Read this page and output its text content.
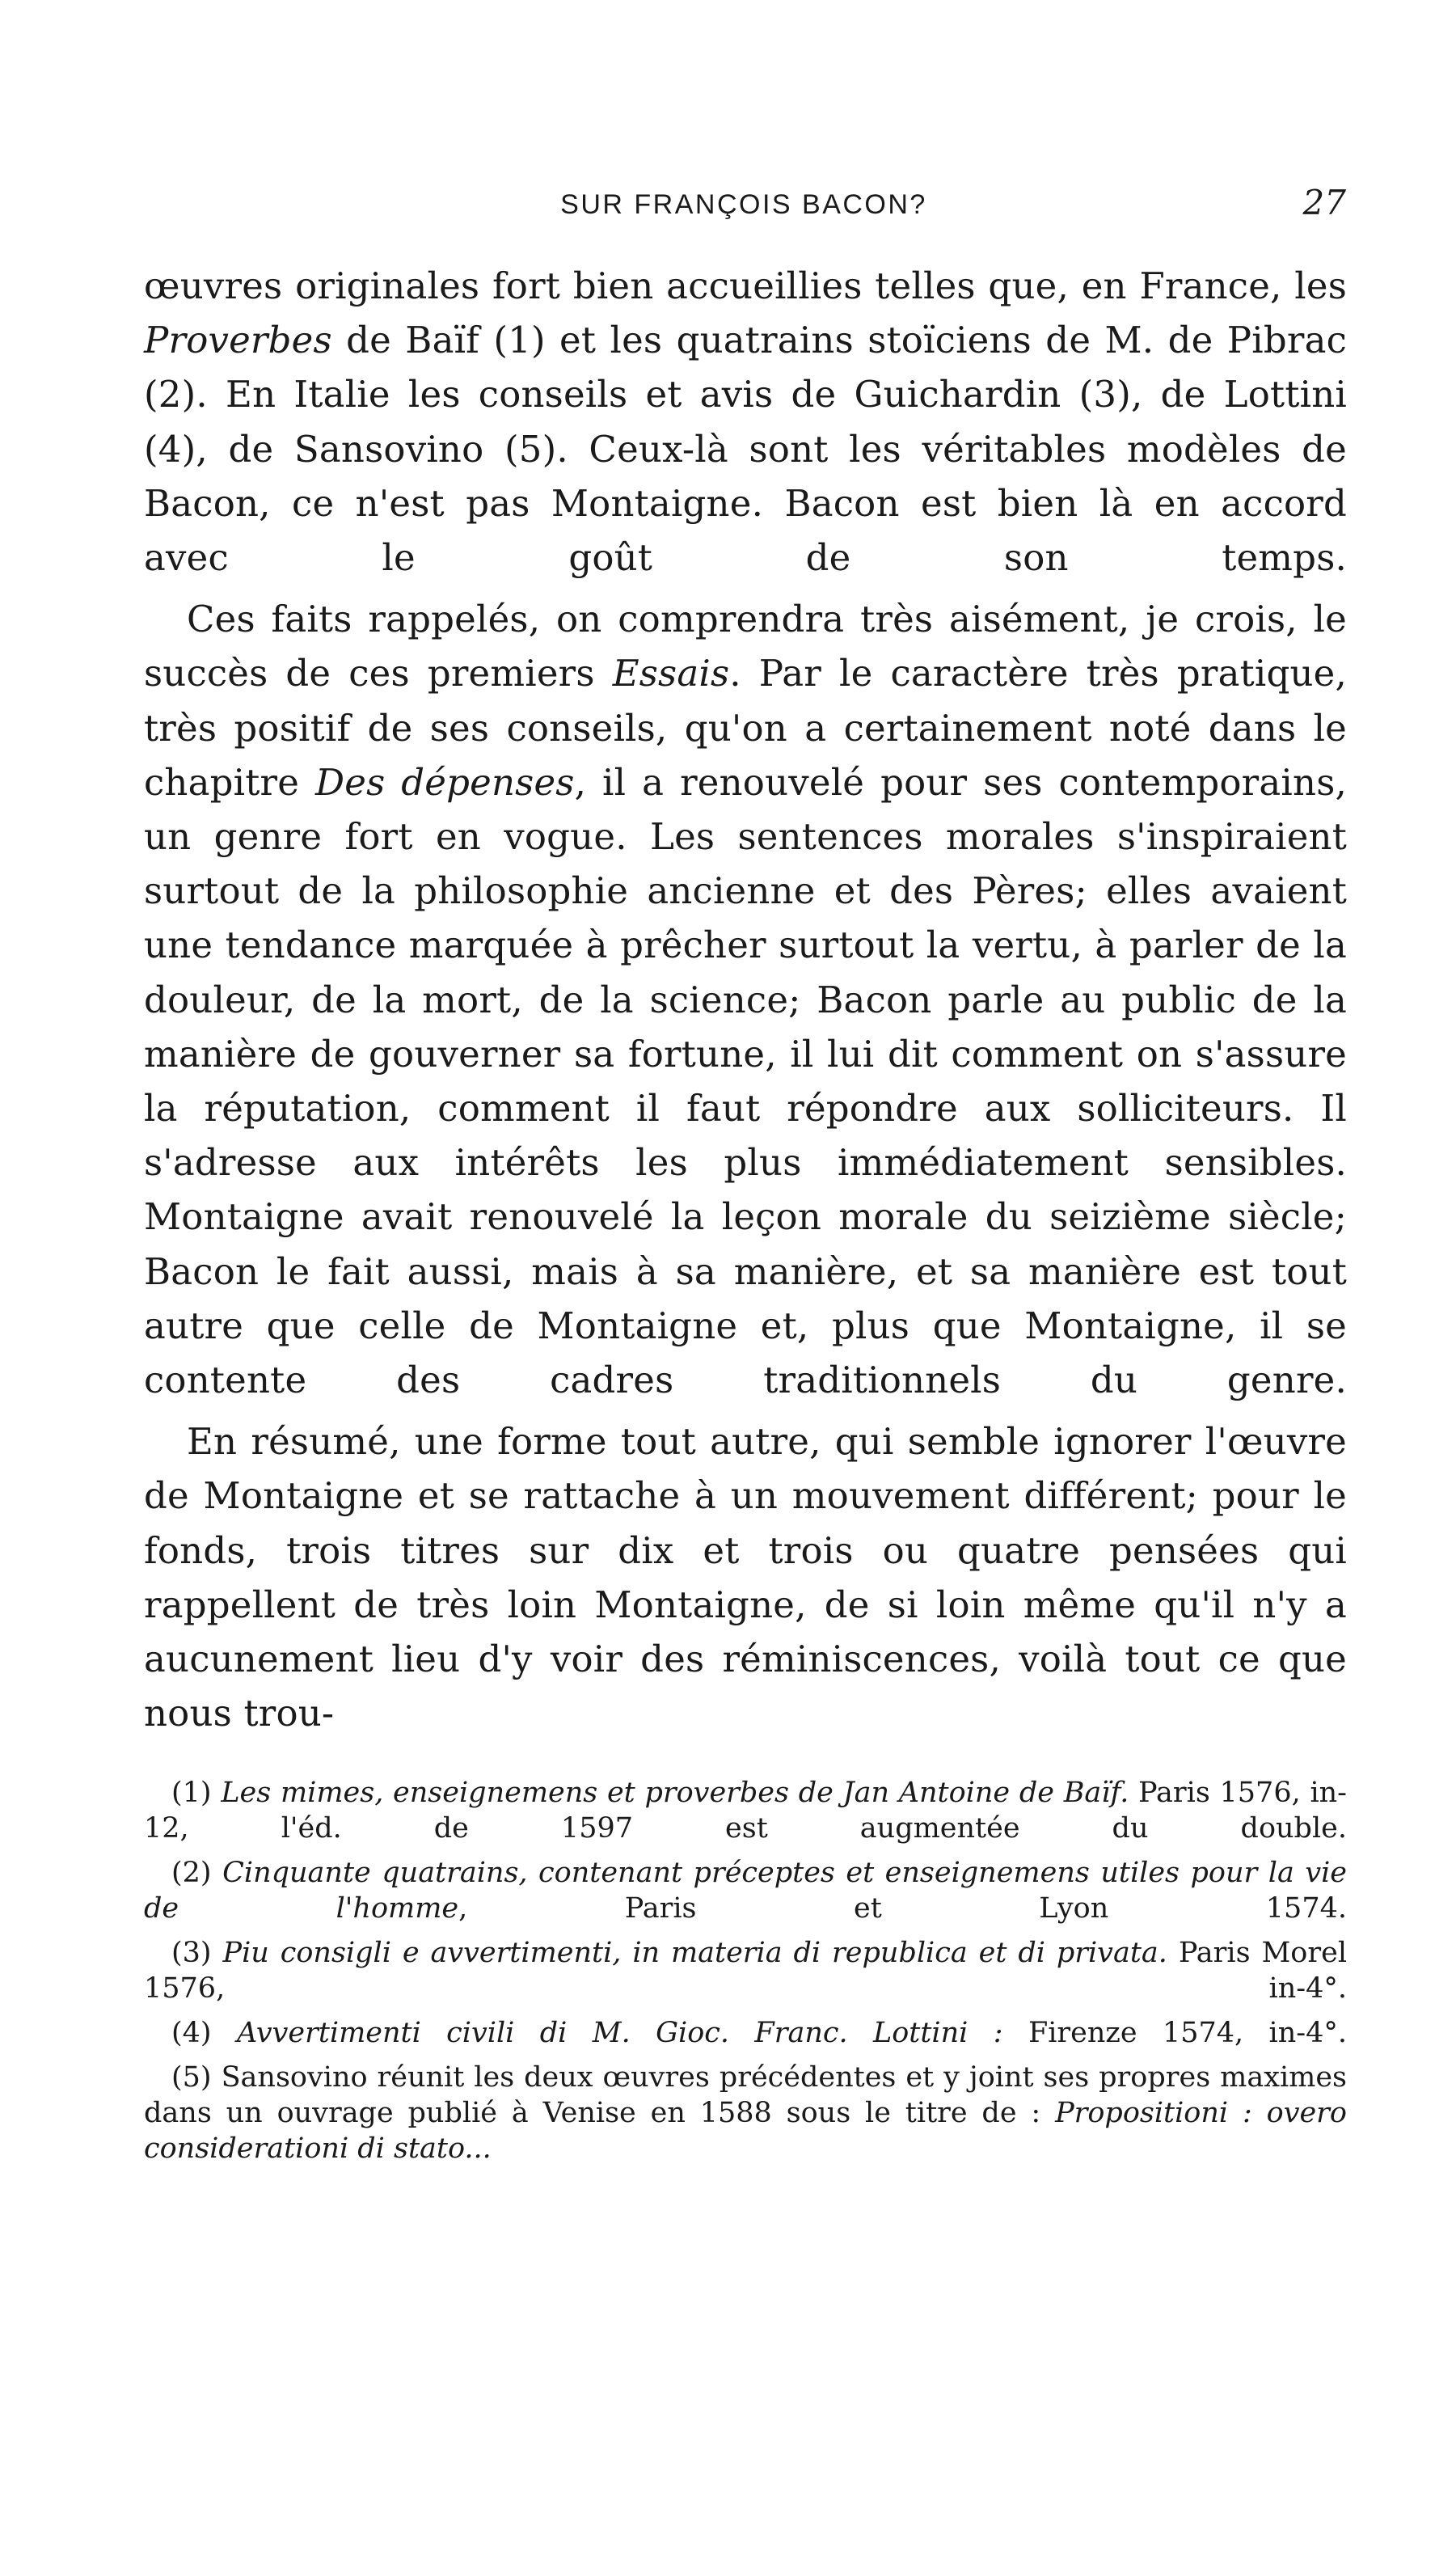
SUR FRANÇOIS BACON?	27

œuvres originales fort bien accueillies telles que, en France, les Proverbes de Baïf (1) et les quatrains stoïciens de M. de Pibrac (2). En Italie les conseils et avis de Guichardin (3), de Lottini (4), de Sansovino (5). Ceux-là sont les véritables modèles de Bacon, ce n'est pas Montaigne. Bacon est bien là en accord avec le goût de son temps.

Ces faits rappelés, on comprendra très aisément, je crois, le succès de ces premiers Essais. Par le caractère très pratique, très positif de ses conseils, qu'on a certainement noté dans le chapitre Des dépenses, il a renouvelé pour ses contemporains, un genre fort en vogue. Les sentences morales s'inspiraient surtout de la philosophie ancienne et des Pères; elles avaient une tendance marquée à prêcher surtout la vertu, à parler de la douleur, de la mort, de la science; Bacon parle au public de la manière de gouverner sa fortune, il lui dit comment on s'assure la réputation, comment il faut répondre aux solliciteurs. Il s'adresse aux intérêts les plus immédiatement sensibles. Montaigne avait renouvelé la leçon morale du seizième siècle; Bacon le fait aussi, mais à sa manière, et sa manière est tout autre que celle de Montaigne et, plus que Montaigne, il se contente des cadres traditionnels du genre.

En résumé, une forme tout autre, qui semble ignorer l'œuvre de Montaigne et se rattache à un mouvement différent; pour le fonds, trois titres sur dix et trois ou quatre pensées qui rappellent de très loin Montaigne, de si loin même qu'il n'y a aucunement lieu d'y voir des réminiscences, voilà tout ce que nous trou-

(1) Les mimes, enseignemens et proverbes de Jan Antoine de Baïf. Paris 1576, in-12, l'éd. de 1597 est augmentée du double.

(2) Cinquante quatrains, contenant préceptes et enseignemens utiles pour la vie de l'homme, Paris et Lyon 1574.

(3) Piu consigli e avvertimenti, in materia di republica et di privata. Paris Morel 1576, in-4°.

(4) Avvertimenti civili di M. Gioc. Franc. Lottini : Firenze 1574, in-4°.

(5) Sansovino réunit les deux œuvres précédentes et y joint ses propres maximes dans un ouvrage publié à Venise en 1588 sous le titre de : Propositioni : overo considerationi di stato...
